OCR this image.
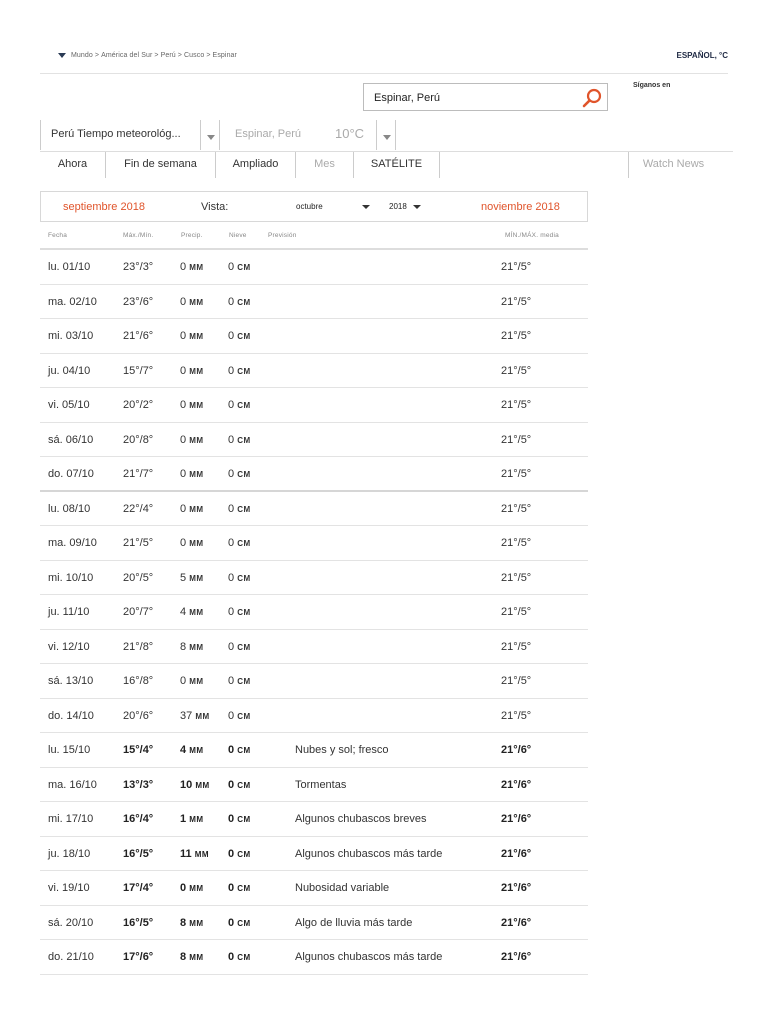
Mundo > América del Sur > Perú > Cusco > Espinar	ESPAÑOL, °C
Síganos en
Espinar, Perú
Perú Tiempo meteorológ...	Espinar, Perú	10°C
Ahora	Fin de semana	Ampliado	Mes	SATÉLITE	Watch News
septiembre 2018	Vista:	octubre	2018	noviembre 2018
Fecha	Máx./Mín.	Precip.	Nieve	Previsión	MÍN./MÁX. media
lu. 01/10	23°/3° 0 MM 0 CM	21°/5°
ma. 02/10 23°/6° 0 MM 0 CM	21°/5°
mi. 03/10	21°/6° 0 MM 0 CM	21°/5°
ju. 04/10	15°/7° 0 MM 0 CM	21°/5°
vi. 05/10	20°/2° 0 MM 0 CM	21°/5°
sá. 06/10	20°/8° 0 MM 0 CM	21°/5°
do. 07/10	21°/7° 0 MM 0 CM	21°/5°
lu. 08/10	22°/4° 0 MM 0 CM	21°/5°
ma. 09/10 21°/5° 0 MM 0 CM	21°/5°
mi. 10/10	20°/5° 5 MM 0 CM	21°/5°
ju. 11/10	20°/7° 4 MM 0 CM	21°/5°
vi. 12/10	21°/8° 8 MM 0 CM	21°/5°
sá. 13/10	16°/8° 0 MM 0 CM	21°/5°
do. 14/10	20°/6° 37 MM 0 CM	21°/5°
lu. 15/10	15°/4° 4 MM 0 CM	Nubes y sol; fresco	21°/6°
ma. 16/10 13°/3° 10 MM 0 CM	Tormentas	21°/6°
mi. 17/10	16°/4° 1 MM 0 CM	Algunos chubascos breves	21°/6°
ju. 18/10	16°/5° 11 MM 0 CM	Algunos chubascos más tarde	21°/6°
vi. 19/10	17°/4° 0 MM 0 CM	Nubosidad variable	21°/6°
sá. 20/10	16°/5° 8 MM 0 CM	Algo de lluvia más tarde	21°/6°
do. 21/10	17°/6° 8 MM 0 CM	Algunos chubascos más tarde	21°/6°
